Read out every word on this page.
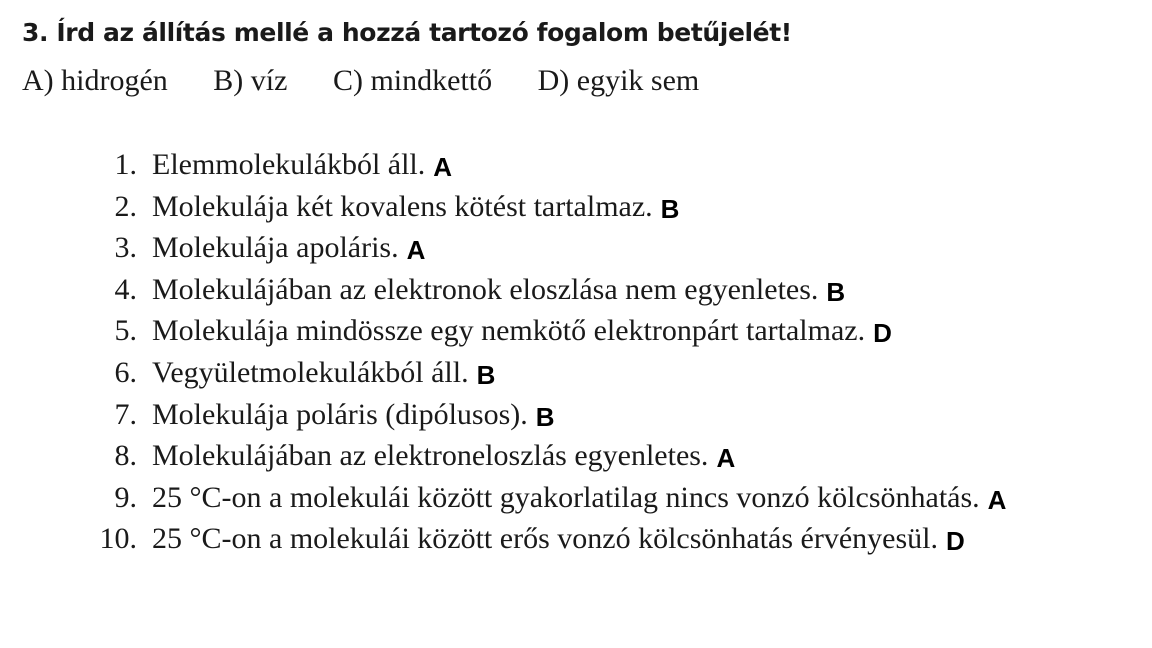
3. Írd az állítás mellé a hozzá tartozó fogalom betűjelét!
A) hidrogén B) víz C) mindkettő D) egyik sem
1. Elemmolekulákból áll. A
2. Molekulája két kovalens kötést tartalmaz. B
3. Molekulája apoláris. A
4. Molekulájában az elektronok eloszlása nem egyenletes. B
5. Molekulája mindössze egy nemkötő elektronpárt tartalmaz. D
6. Vegyületmolekulákból áll. B
7. Molekulája poláris (dipólusos). B
8. Molekulájában az elektroneloszlás egyenletes. A
9. 25 °C-on a molekulái között gyakorlatilag nincs vonzó kölcsönhatás. A
10. 25 °C-on a molekulái között erős vonzó kölcsönhatás érvényesül. D
